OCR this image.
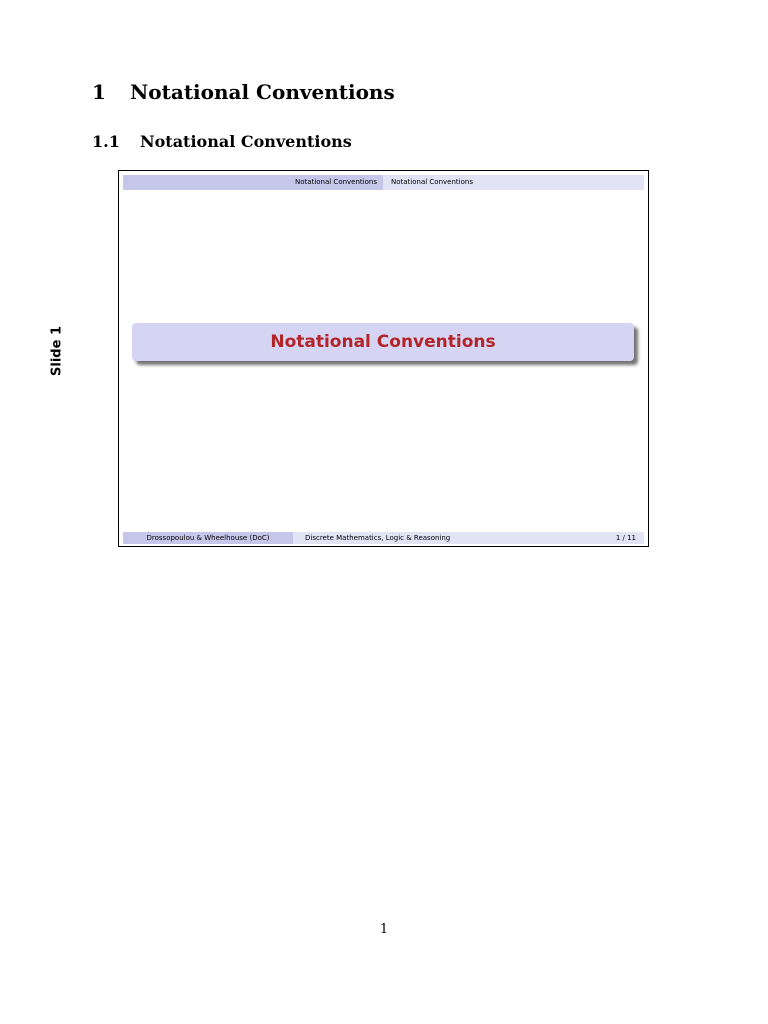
1 Notational Conventions
1.1 Notational Conventions
Slide 1
Notational Conventions	Notational Conventions
Notational Conventions
Drossopoulou & Wheelhouse (DoC)	Discrete Mathematics, Logic & Reasoning	1 / 11
1
